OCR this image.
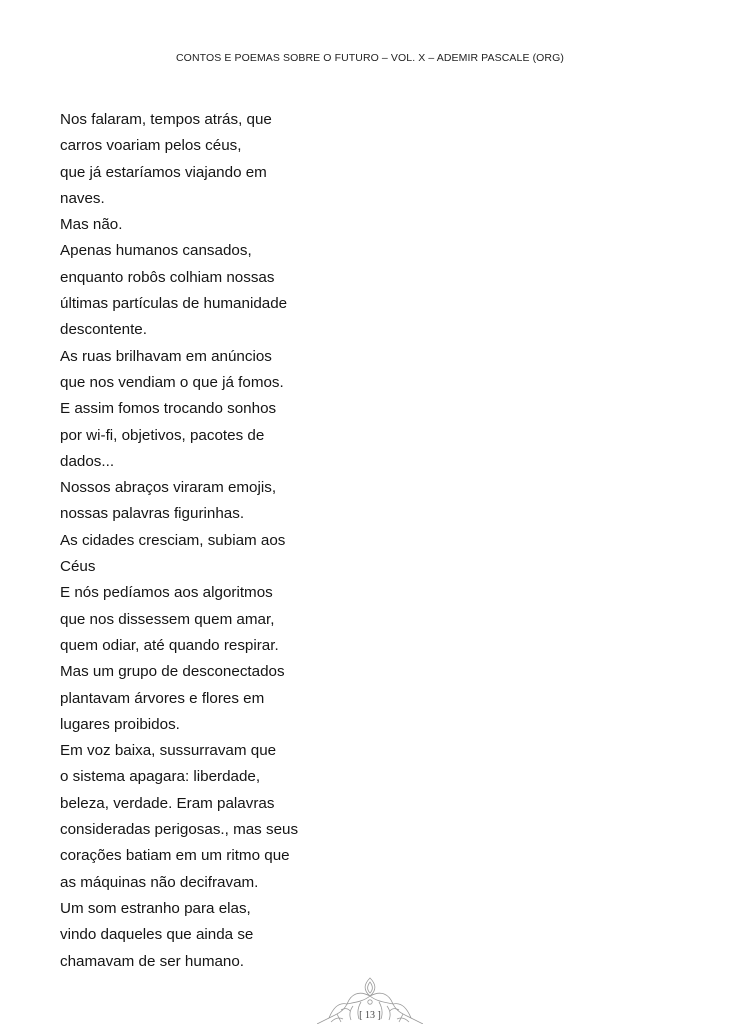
CONTOS E POEMAS SOBRE O FUTURO – VOL. X – ADEMIR PASCALE (ORG)
Nos falaram, tempos atrás, que
carros voariam pelos céus,
que já estaríamos viajando em
naves.
Mas não.
Apenas humanos cansados,
enquanto robôs colhiam nossas
últimas partículas de humanidade
descontente.
As ruas brilhavam em anúncios
que nos vendiam o que já fomos.
E assim fomos trocando sonhos
por wi-fi, objetivos, pacotes de
dados...
Nossos abraços viraram emojis,
nossas palavras figurinhas.
As cidades cresciam, subiam aos
Céus
E nós pedíamos aos algoritmos
que nos dissessem quem amar,
quem odiar, até quando respirar.
Mas um grupo de desconectados
plantavam árvores e flores em
lugares proibidos.
Em voz baixa, sussurravam que
o sistema apagara: liberdade,
beleza, verdade. Eram palavras
consideradas perigosas., mas seus
corações batiam em um ritmo que
as máquinas não decifravam.
Um som estranho para elas,
vindo daqueles que ainda se
chamavam de ser humano.
[ 13 ]
